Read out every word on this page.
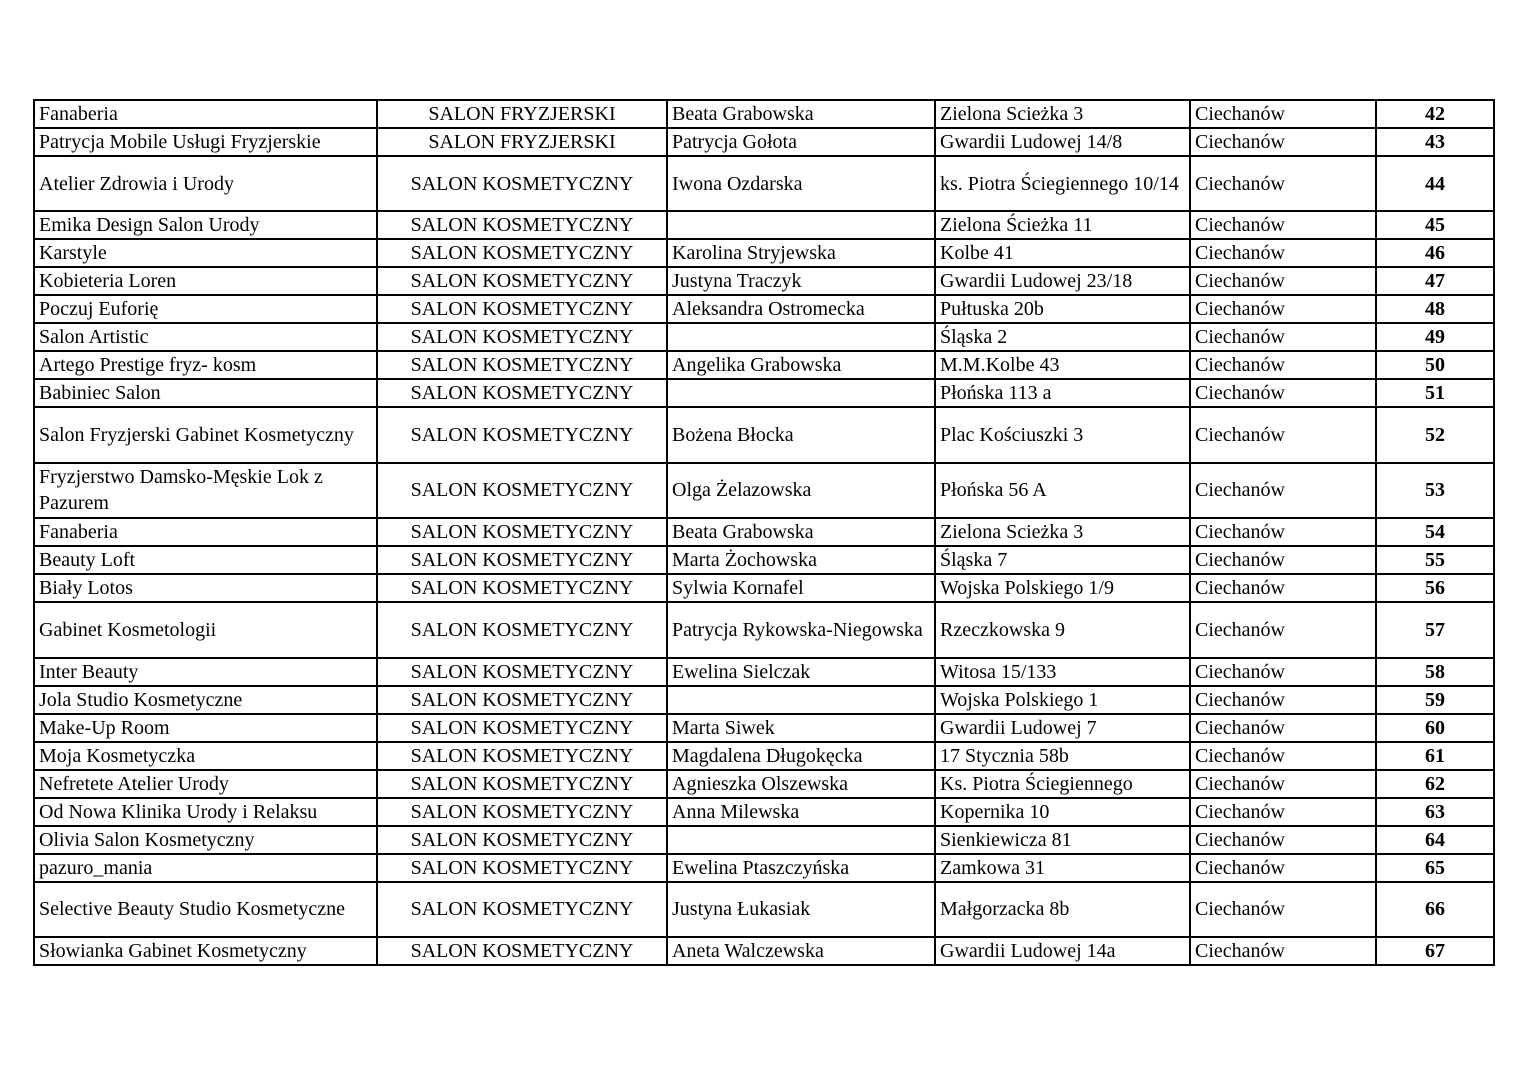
Fanaberia	SALON FRYZJERSKI	Beata Grabowska	Zielona Scieżka 3	Ciechanów	42
Patrycja Mobile Usługi Fryzjerskie	SALON FRYZJERSKI	Patrycja Gołota	Gwardii Ludowej 14/8	Ciechanów	43
Atelier Zdrowia i Urody	SALON KOSMETYCZNY	Iwona Ozdarska	ks. Piotra Ściegiennego 10/14	Ciechanów	44
Emika Design Salon Urody	SALON KOSMETYCZNY		Zielona Ścieżka 11	Ciechanów	45
Karstyle	SALON KOSMETYCZNY	Karolina Stryjewska	Kolbe 41	Ciechanów	46
Kobieteria Loren	SALON KOSMETYCZNY	Justyna Traczyk	Gwardii Ludowej 23/18	Ciechanów	47
Poczuj Euforię	SALON KOSMETYCZNY	Aleksandra Ostromecka	Pułtuska 20b	Ciechanów	48
Salon Artistic	SALON KOSMETYCZNY		Śląska 2	Ciechanów	49
Artego Prestige fryz- kosm	SALON KOSMETYCZNY	Angelika Grabowska	M.M.Kolbe 43	Ciechanów	50
Babiniec Salon	SALON KOSMETYCZNY		Płońska 113 a	Ciechanów	51
Salon Fryzjerski Gabinet Kosmetyczny	SALON KOSMETYCZNY	Bożena Błocka	Plac Kościuszki 3	Ciechanów	52
Fryzjerstwo Damsko-Męskie Lok z Pazurem	SALON KOSMETYCZNY	Olga Żelazowska	Płońska 56 A	Ciechanów	53
Fanaberia	SALON KOSMETYCZNY	Beata Grabowska	Zielona Scieżka 3	Ciechanów	54
Beauty Loft	SALON KOSMETYCZNY	Marta Żochowska	Śląska 7	Ciechanów	55
Biały Lotos	SALON KOSMETYCZNY	Sylwia Kornafel	Wojska Polskiego 1/9	Ciechanów	56
Gabinet Kosmetologii	SALON KOSMETYCZNY	Patrycja Rykowska-Niegowska	Rzeczkowska 9	Ciechanów	57
Inter Beauty	SALON KOSMETYCZNY	Ewelina Sielczak	Witosa 15/133	Ciechanów	58
Jola Studio Kosmetyczne	SALON KOSMETYCZNY		Wojska Polskiego 1	Ciechanów	59
Make-Up Room	SALON KOSMETYCZNY	Marta Siwek	Gwardii Ludowej 7	Ciechanów	60
Moja Kosmetyczka	SALON KOSMETYCZNY	Magdalena Długokęcka	17 Stycznia 58b	Ciechanów	61
Nefretete Atelier Urody	SALON KOSMETYCZNY	Agnieszka Olszewska	Ks. Piotra Ściegiennego	Ciechanów	62
Od Nowa Klinika Urody i Relaksu	SALON KOSMETYCZNY	Anna Milewska	Kopernika 10	Ciechanów	63
Olivia Salon Kosmetyczny	SALON KOSMETYCZNY		Sienkiewicza 81	Ciechanów	64
pazuro_mania	SALON KOSMETYCZNY	Ewelina Ptaszczyńska	Zamkowa 31	Ciechanów	65
Selective Beauty Studio Kosmetyczne	SALON KOSMETYCZNY	Justyna Łukasiak	Małgorzacka 8b	Ciechanów	66
Słowianka Gabinet Kosmetyczny	SALON KOSMETYCZNY	Aneta Walczewska	Gwardii Ludowej 14a	Ciechanów	67
